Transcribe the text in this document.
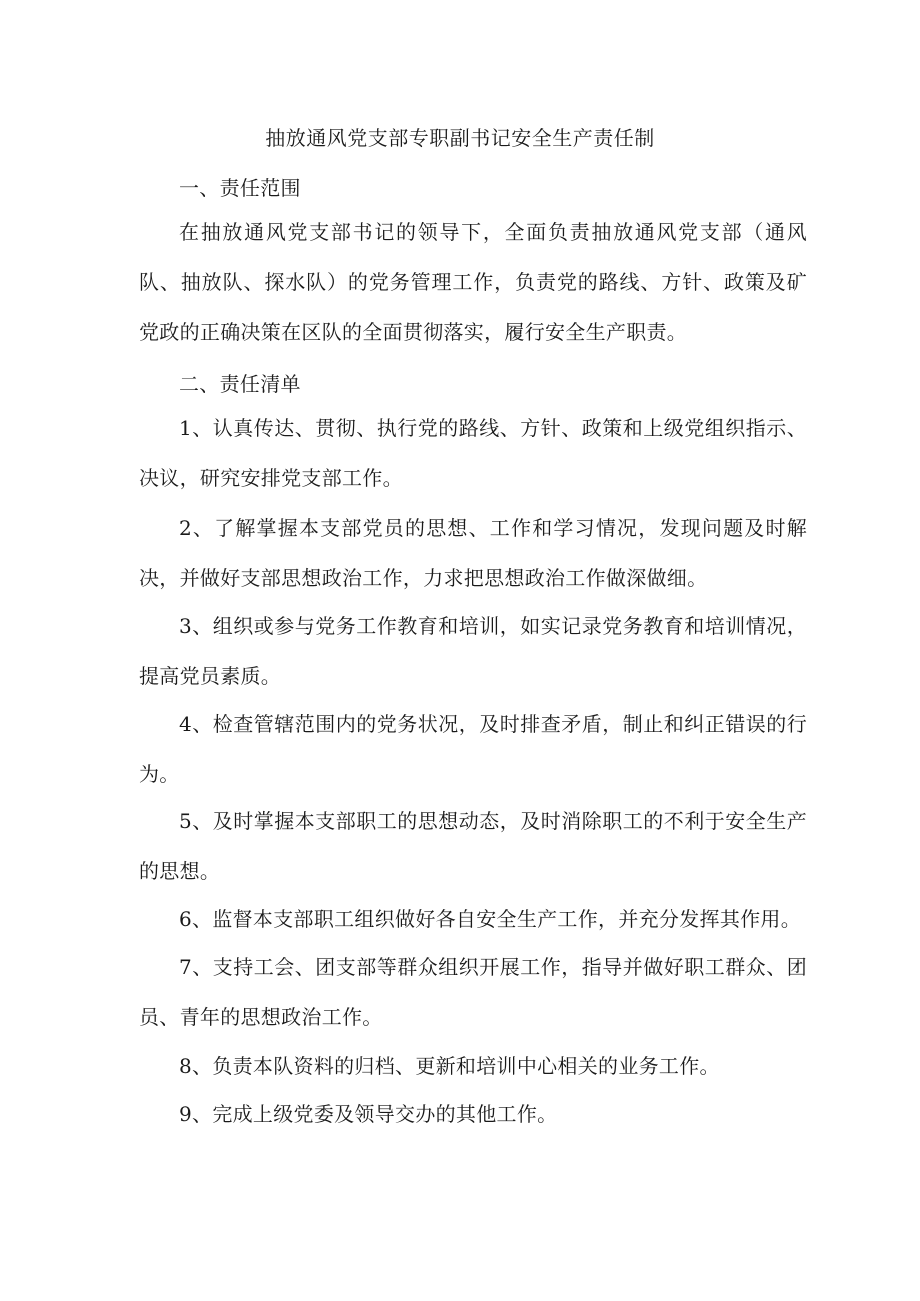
抽放通风党支部专职副书记安全生产责任制
一、责任范围

在抽放通风党支部书记的领导下，全面负责抽放通风党支部（通风队、抽放队、探水队）的党务管理工作，负责党的路线、方针、政策及矿党政的正确决策在区队的全面贯彻落实，履行安全生产职责。

二、责任清单

1、认真传达、贯彻、执行党的路线、方针、政策和上级党组织指示、决议，研究安排党支部工作。

2、了解掌握本支部党员的思想、工作和学习情况，发现问题及时解决，并做好支部思想政治工作，力求把思想政治工作做深做细。

3、组织或参与党务工作教育和培训，如实记录党务教育和培训情况，提高党员素质。

4、检查管辖范围内的党务状况，及时排查矛盾，制止和纠正错误的行为。

5、及时掌握本支部职工的思想动态，及时消除职工的不利于安全生产的思想。

6、监督本支部职工组织做好各自安全生产工作，并充分发挥其作用。

7、支持工会、团支部等群众组织开展工作，指导并做好职工群众、团员、青年的思想政治工作。

8、负责本队资料的归档、更新和培训中心相关的业务工作。

9、完成上级党委及领导交办的其他工作。
